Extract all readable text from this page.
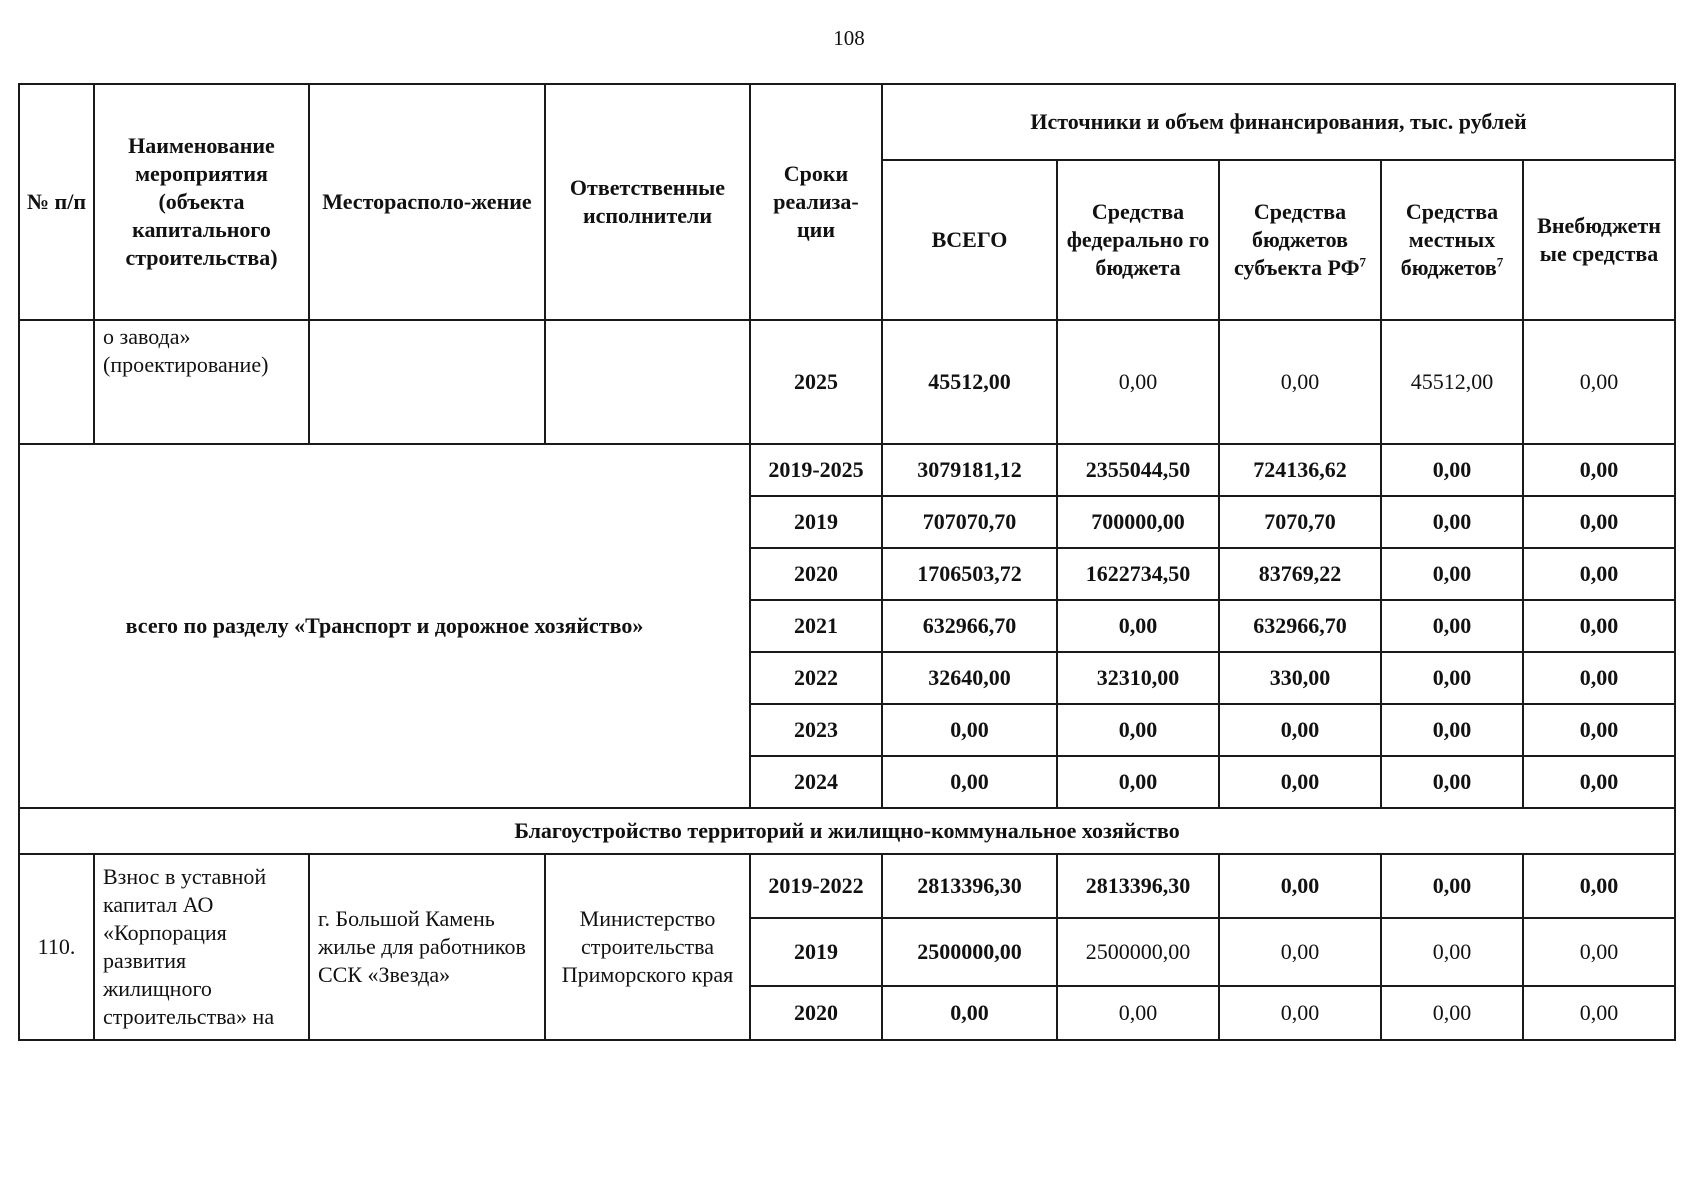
108
№ п/п	Наименование мероприятия (объекта капитального строительства)	Месторасполо-жение	Ответственные исполнители	Сроки реализа-ции	Источники и объем финансирования, тыс. рублей				
					ВСЕГО	Средства федерально го бюджета	Средства бюджетов субъекта $РФ^7$	Средства местных бюджетов$^7$	Внебюджетн ые средства
	о завода» (проектирование)			2025	45512,00	0,00	0,00	45512,00	0,00
всего по разделу «Транспорт и дорожное хозяйство»				2019-2025	3079181,12	2355044,50	724136,62	0,00	0,00
				2019	707070,70	700000,00	7070,70	0,00	0,00
				2020	1706503,72	1622734,50	83769,22	0,00	0,00
				2021	632966,70	0,00	632966,70	0,00	0,00
				2022	32640,00	32310,00	330,00	0,00	0,00
				2023	0,00	0,00	0,00	0,00	0,00
				2024	0,00	0,00	0,00	0,00	0,00
Благоустройство территорий и жилищно-коммунальное хозяйство									
110.	Взнос в уставной капитал АО «Корпорация развития жилищного строительства» на	г. Большой Камень жилье для работников ССК «Звезда»	Министерство строительства Приморского края	2019-2022	2813396,30	2813396,30	0,00	0,00	0,00
				2019	2500000,00	2500000,00	0,00	0,00	0,00
				2020	0,00	0,00	0,00	0,00	0,00
